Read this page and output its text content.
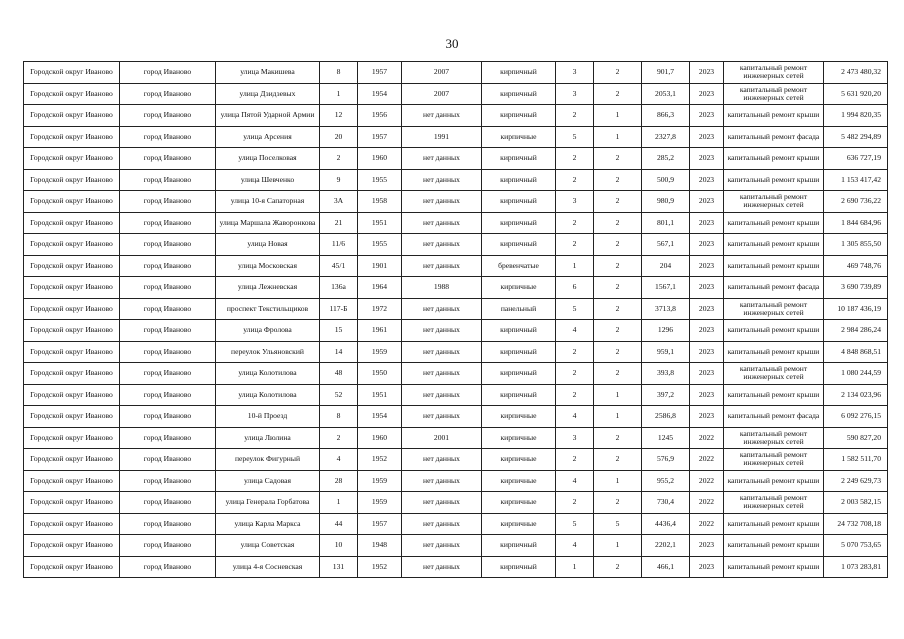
30
Городской округ Иваново	город Иваново	улица Макишева	8	1957	2007	кирпичный	3	2	901,7	2023	капитальный ремонт инженерных сетей	2 473 480,32
Городской округ Иваново	город Иваново	улица Дзидзевых	1	1954	2007	кирпичный	3	2	2053,1	2023	капитальный ремонт инженерных сетей	5 631 920,20
Городской округ Иваново	город Иваново	улица Пятой Ударной Армии	12	1956	нет данных	кирпичный	2	1	866,3	2023	капитальный ремонт крыши	1 994 820,35
Городской округ Иваново	город Иваново	улица Арсения	20	1957	1991	кирпичные	5	1	2327,8	2023	капитальный ремонт фасада	5 482 294,89
Городской округ Иваново	город Иваново	улица Поселковая	2	1960	нет данных	кирпичный	2	2	285,2	2023	капитальный ремонт крыши	636 727,19
Городской округ Иваново	город Иваново	улица Шевченко	9	1955	нет данных	кирпичный	2	2	500,9	2023	капитальный ремонт крыши	1 153 417,42
Городской округ Иваново	город Иваново	улица 10-я Сапаторная	3А	1958	нет данных	кирпичный	3	2	980,9	2023	капитальный ремонт инженерных сетей	2 690 736,22
Городской округ Иваново	город Иваново	улица Маршала Жаворонкова	21	1951	нет данных	кирпичный	2	2	801,1	2023	капитальный ремонт крыши	1 844 684,96
Городской округ Иваново	город Иваново	улица Новая	11/6	1955	нет данных	кирпичный	2	2	567,1	2023	капитальный ремонт крыши	1 305 855,50
Городской округ Иваново	город Иваново	улица Московская	45/1	1901	нет данных	бревенчатые	1	2	204	2023	капитальный ремонт крыши	469 748,76
Городской округ Иваново	город Иваново	улица Лежневская	136а	1964	1988	кирпичные	6	2	1567,1	2023	капитальный ремонт фасада	3 690 739,89
Городской округ Иваново	город Иваново	проспект Текстильщиков	117-Б	1972	нет данных	панельный	5	2	3713,8	2023	капитальный ремонт инженерных сетей	10 187 436,19
Городской округ Иваново	город Иваново	улица Фролова	15	1961	нет данных	кирпичный	4	2	1296	2023	капитальный ремонт крыши	2 984 286,24
Городской округ Иваново	город Иваново	переулок Ульяновский	14	1959	нет данных	кирпичный	2	2	959,1	2023	капитальный ремонт крыши	4 848 868,51
Городской округ Иваново	город Иваново	улица Колотилова	48	1950	нет данных	кирпичный	2	2	393,8	2023	капитальный ремонт инженерных сетей	1 080 244,59
Городской округ Иваново	город Иваново	улица Колотилова	52	1951	нет данных	кирпичный	2	1	397,2	2023	капитальный ремонт крыши	2 134 023,96
Городской округ Иваново	город Иваново	10-й Проезд	8	1954	нет данных	кирпичные	4	1	2586,8	2023	капитальный ремонт фасада	6 092 276,15
Городской округ Иваново	город Иваново	улица Люлина	2	1960	2001	кирпичные	3	2	1245	2022	капитальный ремонт инженерных сетей	590 827,20
Городской округ Иваново	город Иваново	переулок Фигурный	4	1952	нет данных	кирпичные	2	2	576,9	2022	капитальный ремонт инженерных сетей	1 582 511,70
Городской округ Иваново	город Иваново	улица Садовая	28	1959	нет данных	кирпичные	4	1	955,2	2022	капитальный ремонт крыши	2 249 629,73
Городской округ Иваново	город Иваново	улица Генерала Горбатова	1	1959	нет данных	кирпичные	2	2	730,4	2022	капитальный ремонт инженерных сетей	2 003 582,15
Городской округ Иваново	город Иваново	улица Карла Маркса	44	1957	нет данных	кирпичные	5	5	4436,4	2022	капитальный ремонт крыши	24 732 708,18
Городской округ Иваново	город Иваново	улица Советская	10	1948	нет данных	кирпичный	4	1	2202,1	2023	капитальный ремонт крыши	5 070 753,65
Городской округ Иваново	город Иваново	улица 4-я Сосневская	131	1952	нет данных	кирпичный	1	2	466,1	2023	капитальный ремонт крыши	1 073 283,81
